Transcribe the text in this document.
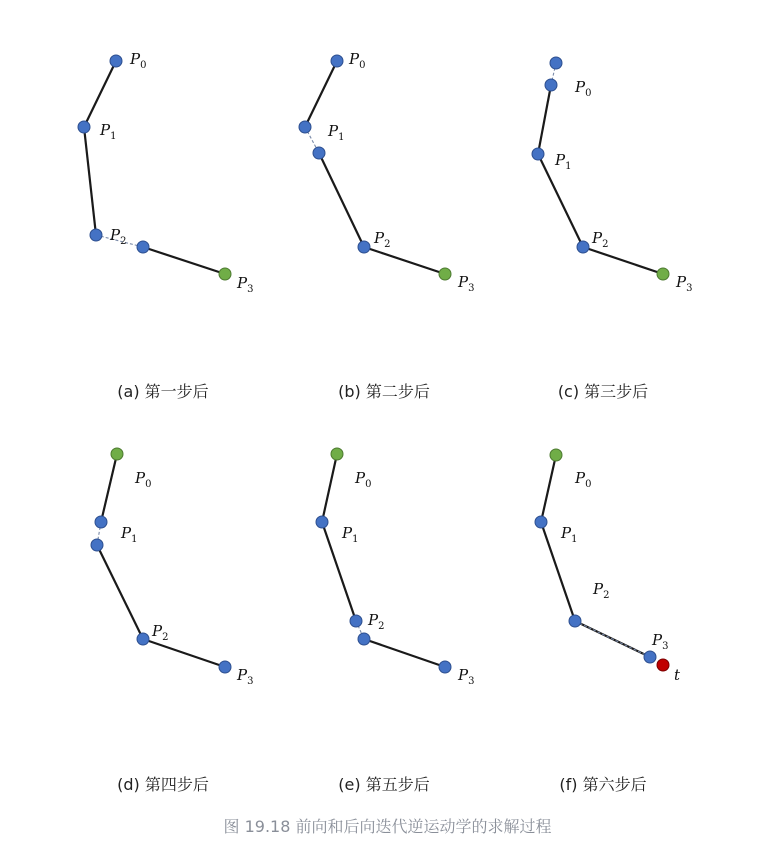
$P_0$
$P_1$
$P_2$
$P_3$
(a) 第一步后
$P_0$
$P_1$
$P_2$
$P_3$
(b) 第二步后
$P_0$
$P_1$
$P_2$
$P_3$
(c) 第三步后
$P_0$
$P_1$
$P_2$
$P_3$
(d) 第四步后
$P_0$
$P_1$
$P_2$
$P_3$
(e) 第五步后
$P_0$
$P_1$
$P_2$
$P_3$
t
(f) 第六步后
图 19.18 前向和后向迭代逆运动学的求解过程
